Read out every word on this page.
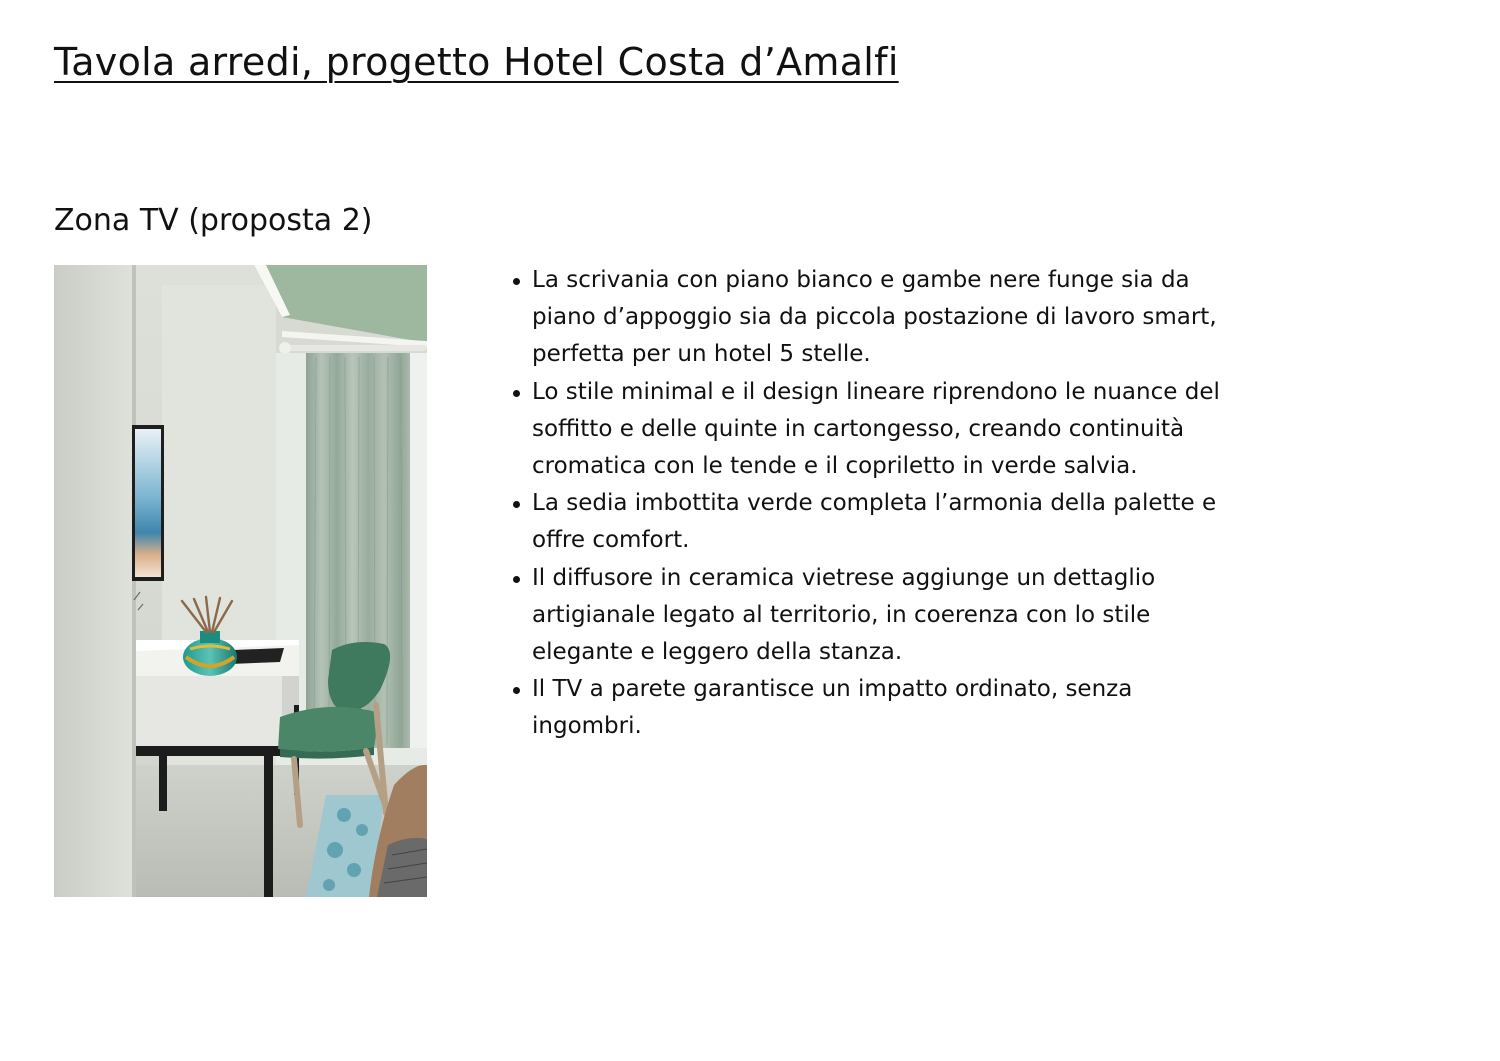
Tavola arredi, progetto Hotel Costa d’Amalfi
Zona TV (proposta 2)
La scrivania con piano bianco e gambe nere funge sia da piano d’appoggio sia da piccola postazione di lavoro smart, perfetta per un hotel 5 stelle.
Lo stile minimal e il design lineare riprendono le nuance del soffitto e delle quinte in cartongesso, creando continuità cromatica con le tende e il copriletto in verde salvia.
La sedia imbottita verde completa l’armonia della palette e offre comfort.
Il diffusore in ceramica vietrese aggiunge un dettaglio artigianale legato al territorio, in coerenza con lo stile elegante e leggero della stanza.
Il TV a parete garantisce un impatto ordinato, senza ingombri.
